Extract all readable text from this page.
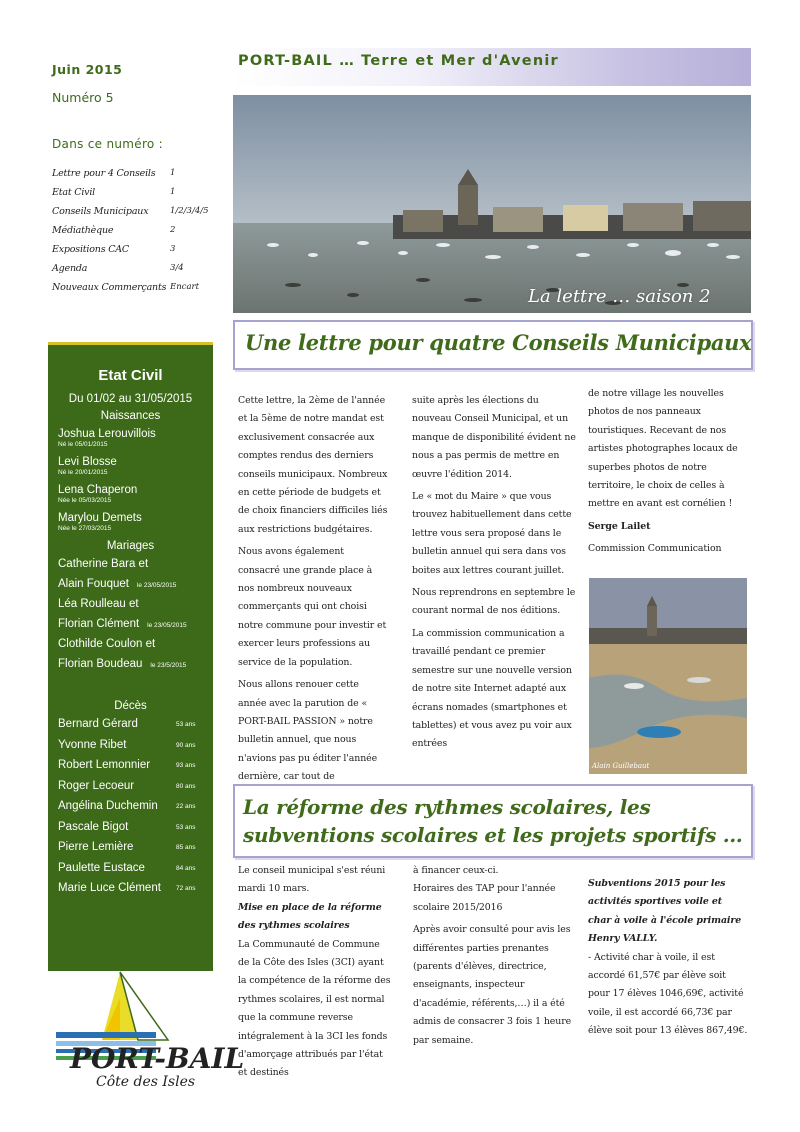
Juin 2015
Numéro 5
Dans ce numéro :
Lettre pour 4 Conseils	1
Etat Civil	1
Conseils Municipaux	1/2/3/4/5
Médiathèque	2
Expositions CAC	3
Agenda	3/4
Nouveaux Commerçants Encart
Etat Civil
Du 01/02 au 31/05/2015
Naissances
Joshua Lerouvillois
Né le 05/01/2015
Levi Blosse
Né le 20/01/2015
Lena Chaperon
Née le 05/03/2015
Marylou Demets
Née le 27/03/2015
Mariages
Catherine Bara et
Alain Fouquet le 23/05/2015
Léa Roulleau et
Florian Clément le 23/05/2015
Clothilde Coulon et
Florian Boudeau le 23/5/2015
Décès
Bernard Gérard	53 ans
Yvonne Ribet	90 ans
Robert Lemonnier	93 ans
Roger Lecoeur	80 ans
Angélina Duchemin	22 ans
Pascale Bigot	53 ans
Pierre Lemière	85 ans
Paulette Eustace	84 ans
Marie Luce Clément	72 ans
PORT-BAIL
Côte des Isles
PORT-BAIL … Terre et Mer d'Avenir
La lettre … saison 2
Une lettre pour quatre Conseils Municipaux

Cette lettre, la 2ème de l'année et la 5ème de notre mandat est exclusivement consacrée aux comptes rendus des derniers conseils municipaux. Nombreux en cette période de budgets et de choix financiers difficiles liés aux restrictions budgétaires.

Nous avons également consacré une grande place à nos nombreux nouveaux commerçants qui ont choisi notre commune pour investir et exercer leurs professions au service de la population.

Nous allons renouer cette année avec la parution de « PORT-BAIL PASSION » notre bulletin annuel, que nous n'avions pas pu éditer l'année dernière, car tout de

suite après les élections du nouveau Conseil Municipal, et un manque de disponibilité évident ne nous a pas permis de mettre en œuvre l'édition 2014.

Le « mot du Maire » que vous trouvez habituellement dans cette lettre vous sera proposé dans le bulletin annuel qui sera dans vos boites aux lettres courant juillet.

Nous reprendrons en septembre le courant normal de nos éditions.

La commission communication a travaillé pendant ce premier semestre sur une nouvelle version de notre site Internet adapté aux écrans nomades (smartphones et tablettes) et vous avez pu voir aux entrées

de notre village les nouvelles photos de nos panneaux touristiques. Recevant de nos artistes photographes locaux de superbes photos de notre territoire, le choix de celles à mettre en avant est cornélien !

Serge Lailet

Commission Communication

Alain Guillebaut
La réforme des rythmes scolaires, les subventions scolaires et les projets sportifs …

Le conseil municipal s'est réuni mardi 10 mars.

Mise en place de la réforme des rythmes scolaires

La Communauté de Commune de la Côte des Isles (3CI) ayant la compétence de la réforme des rythmes scolaires, il est normal que la commune reverse intégralement à la 3CI les fonds d'amorçage attribués par l'état et destinés

à financer ceux-ci.

Horaires des TAP pour l'année scolaire 2015/2016

Après avoir consulté pour avis les différentes parties prenantes (parents d'élèves, directrice, enseignants, inspecteur d'académie, référents,…) il a été admis de consacrer 3 fois 1 heure par semaine.

Subventions 2015 pour les activités sportives voile et char à voile à l'école primaire Henry VALLY.

- Activité char à voile, il est accordé 61,57€ par élève soit pour 17 élèves 1046,69€, activité voile, il est accordé 66,73€ par élève soit pour 13 élèves 867,49€.
